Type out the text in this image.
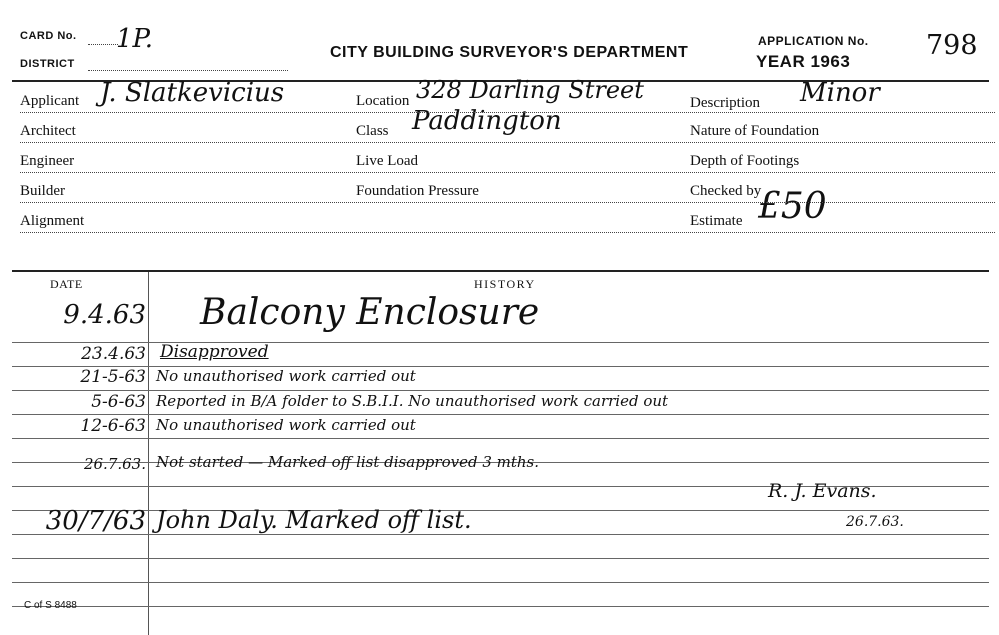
CARD No. 1P.
DISTRICT
CITY BUILDING SURVEYOR'S DEPARTMENT
APPLICATION No. 798
YEAR 1963
Applicant J. Slatkevicius
Architect
Engineer
Builder
Alignment
Location 328 Darling Street
Class Paddington
Live Load
Foundation Pressure
Description Minor
Nature of Foundation
Depth of Footings
Checked by
Estimate £50
DATE	HISTORY
9.4.63 Balcony Enclosure
23.4.63 Disapproved
21-5-63 No unauthorised work carried out
5-6-63 Reported in B/A folder to S.B.I.I. No unauthorised work carried out
12-6-63 No unauthorised work carried out
26.7.63. Not started — Marked off list disapproved 3 mths.
R. J. Evans.
30/7/63 John Daly. Marked off list.	26.7.63.
C of S 8488
